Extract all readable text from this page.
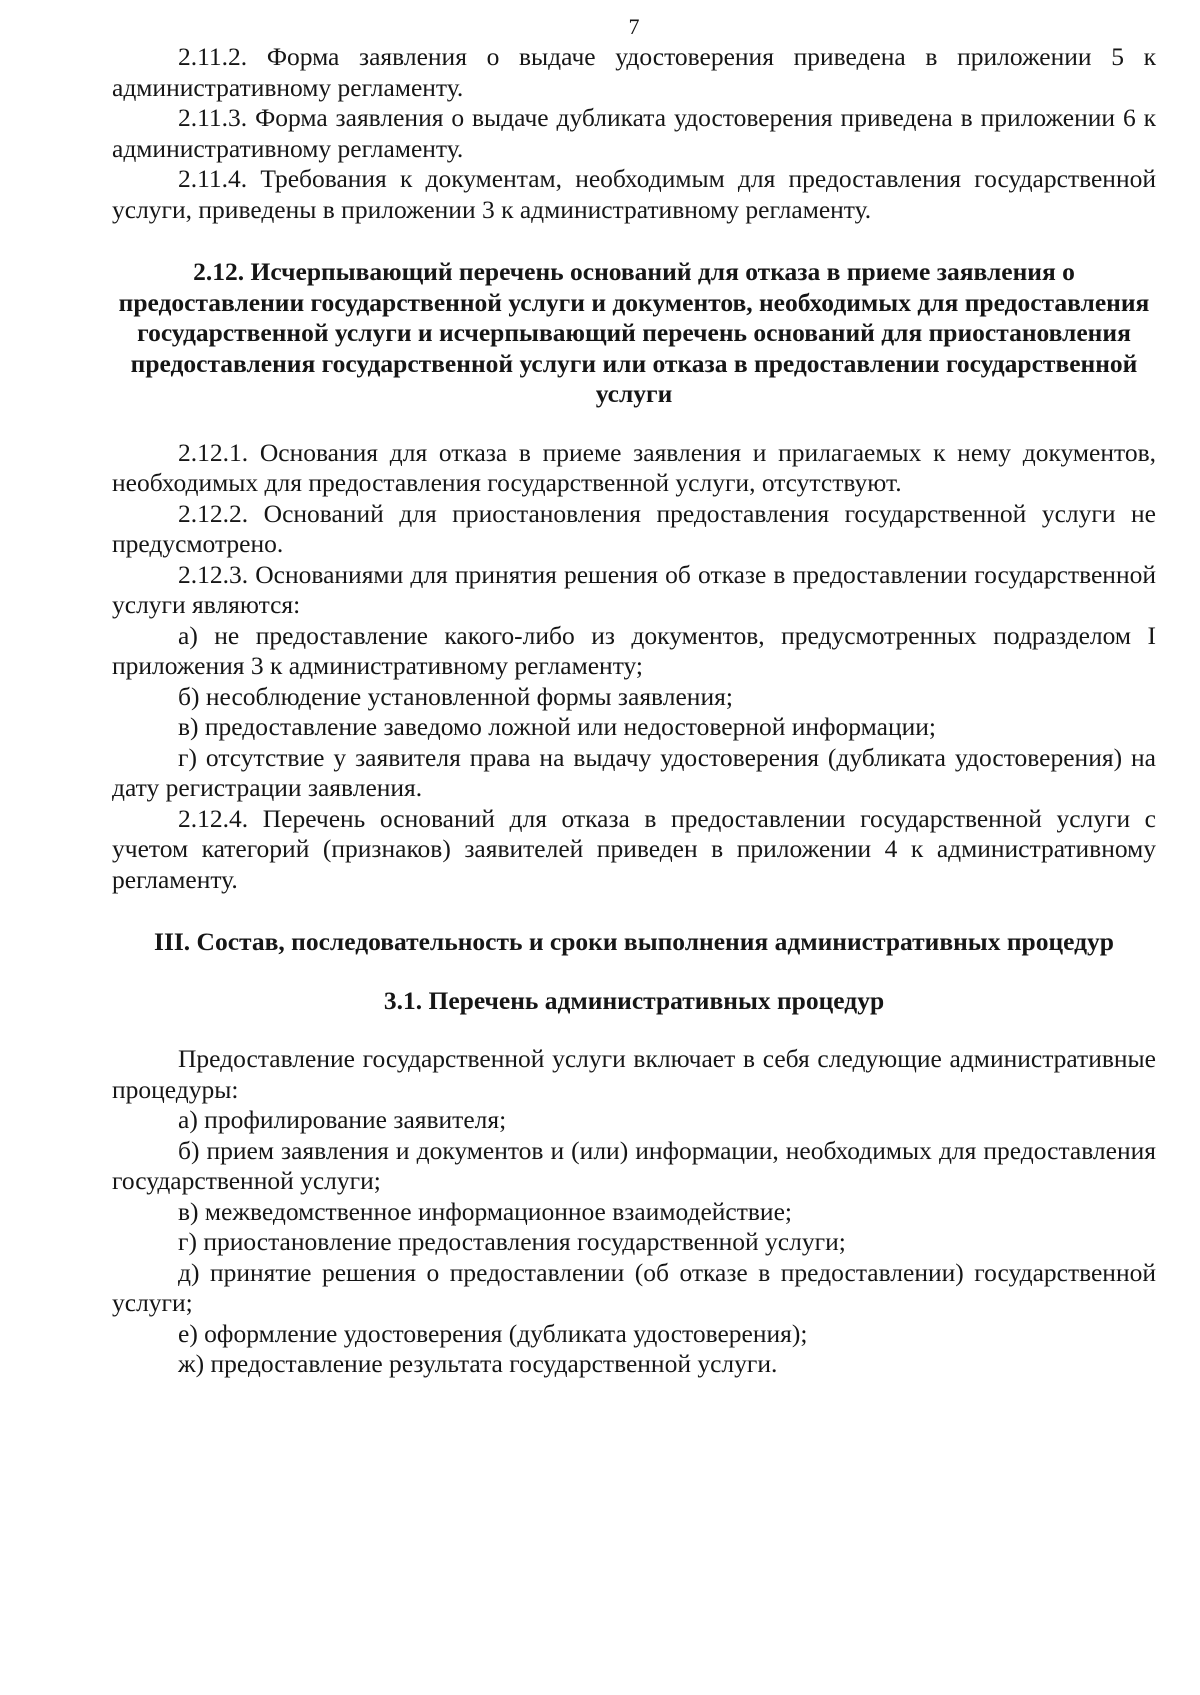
7

2.11.2. Форма заявления о выдаче удостоверения приведена в приложении 5 к административному регламенту.

2.11.3. Форма заявления о выдаче дубликата удостоверения приведена в приложении 6 к административному регламенту.

2.11.4. Требования к документам, необходимым для предоставления государственной услуги, приведены в приложении 3 к административному регламенту.

2.12. Исчерпывающий перечень оснований для отказа в приеме заявления о предоставлении государственной услуги и документов, необходимых для предоставления государственной услуги и исчерпывающий перечень оснований для приостановления предоставления государственной услуги или отказа в предоставлении государственной услуги

2.12.1. Основания для отказа в приеме заявления и прилагаемых к нему документов, необходимых для предоставления государственной услуги, отсутствуют.

2.12.2. Оснований для приостановления предоставления государственной услуги не предусмотрено.

2.12.3. Основаниями для принятия решения об отказе в предоставлении государственной услуги являются:

а) не предоставление какого-либо из документов, предусмотренных подразделом I приложения 3 к административному регламенту;

б) несоблюдение установленной формы заявления;

в) предоставление заведомо ложной или недостоверной информации;

г) отсутствие у заявителя права на выдачу удостоверения (дубликата удостоверения) на дату регистрации заявления.

2.12.4. Перечень оснований для отказа в предоставлении государственной услуги с учетом категорий (признаков) заявителей приведен в приложении 4 к административному регламенту.

III. Состав, последовательность и сроки выполнения административных процедур

3.1. Перечень административных процедур

Предоставление государственной услуги включает в себя следующие административные процедуры:

а) профилирование заявителя;

б) прием заявления и документов и (или) информации, необходимых для предоставления государственной услуги;

в) межведомственное информационное взаимодействие;

г) приостановление предоставления государственной услуги;

д) принятие решения о предоставлении (об отказе в предоставлении) государственной услуги;

е) оформление удостоверения (дубликата удостоверения);

ж) предоставление результата государственной услуги.
